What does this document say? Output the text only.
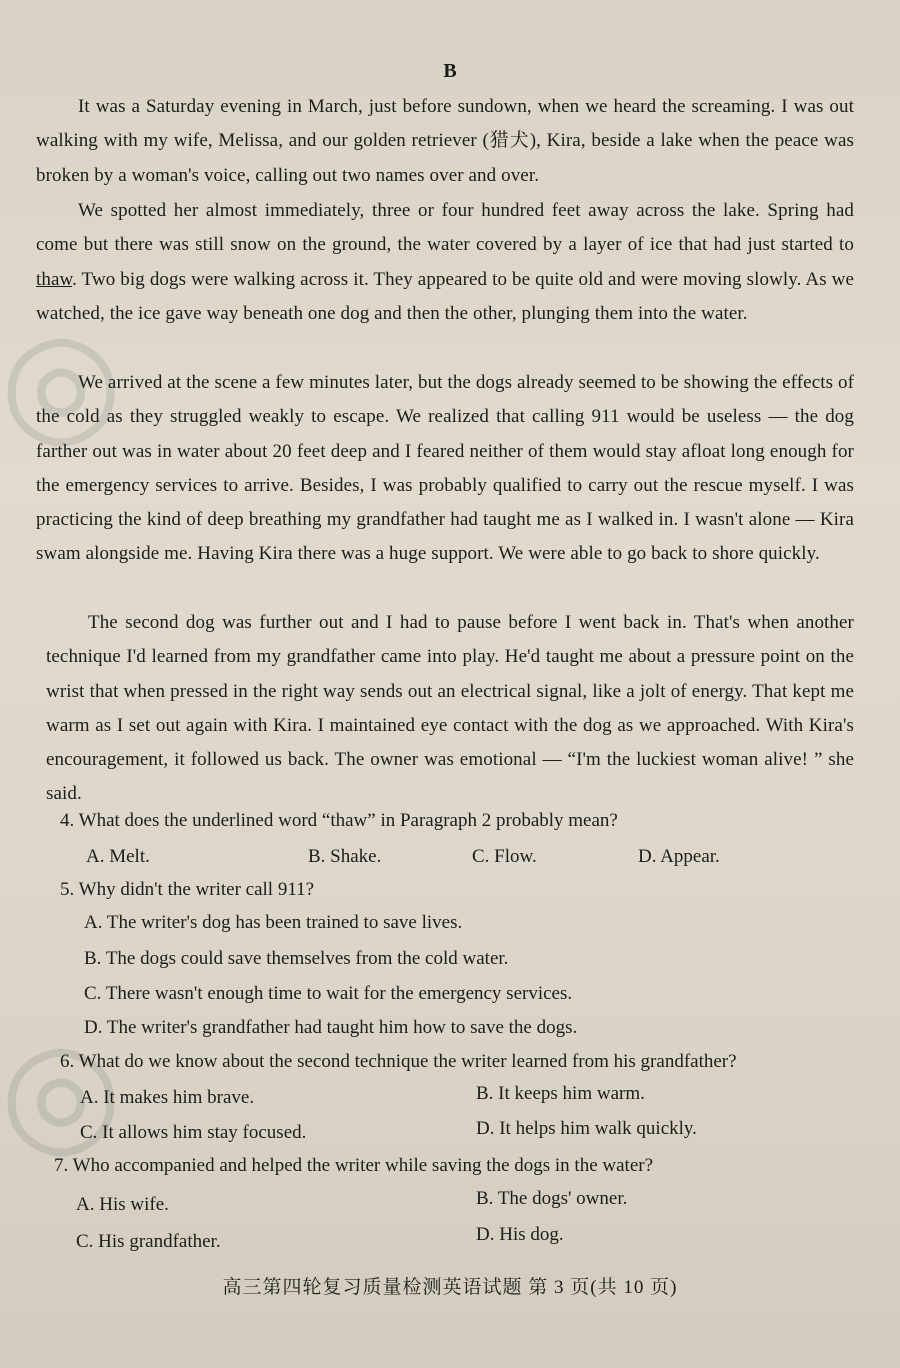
◎
◎
B
It was a Saturday evening in March, just before sundown, when we heard the screaming. I was out walking with my wife, Melissa, and our golden retriever (猎犬), Kira, beside a lake when the peace was broken by a woman's voice, calling out two names over and over.
We spotted her almost immediately, three or four hundred feet away across the lake. Spring had come but there was still snow on the ground, the water covered by a layer of ice that had just started to thaw. Two big dogs were walking across it. They appeared to be quite old and were moving slowly. As we watched, the ice gave way beneath one dog and then the other, plunging them into the water.
We arrived at the scene a few minutes later, but the dogs already seemed to be showing the effects of the cold as they struggled weakly to escape. We realized that calling 911 would be useless — the dog farther out was in water about 20 feet deep and I feared neither of them would stay afloat long enough for the emergency services to arrive. Besides, I was probably qualified to carry out the rescue myself. I was practicing the kind of deep breathing my grandfather had taught me as I walked in. I wasn't alone — Kira swam alongside me. Having Kira there was a huge support. We were able to go back to shore quickly.
The second dog was further out and I had to pause before I went back in. That's when another technique I'd learned from my grandfather came into play. He'd taught me about a pressure point on the wrist that when pressed in the right way sends out an electrical signal, like a jolt of energy. That kept me warm as I set out again with Kira. I maintained eye contact with the dog as we approached. With Kira's encouragement, it followed us back. The owner was emotional — “I'm the luckiest woman alive! ” she said.
4. What does the underlined word “thaw” in Paragraph 2 probably mean?
A. Melt.	B. Shake.	C. Flow.	D. Appear.
5. Why didn't the writer call 911?
A. The writer's dog has been trained to save lives.
B. The dogs could save themselves from the cold water.
C. There wasn't enough time to wait for the emergency services.
D. The writer's grandfather had taught him how to save the dogs.
6. What do we know about the second technique the writer learned from his grandfather?
A. It makes him brave.	B. It keeps him warm.
C. It allows him stay focused.	D. It helps him walk quickly.
7. Who accompanied and helped the writer while saving the dogs in the water?
A. His wife.	B. The dogs' owner.
C. His grandfather.	D. His dog.
高三第四轮复习质量检测英语试题 第 3 页(共 10 页)
